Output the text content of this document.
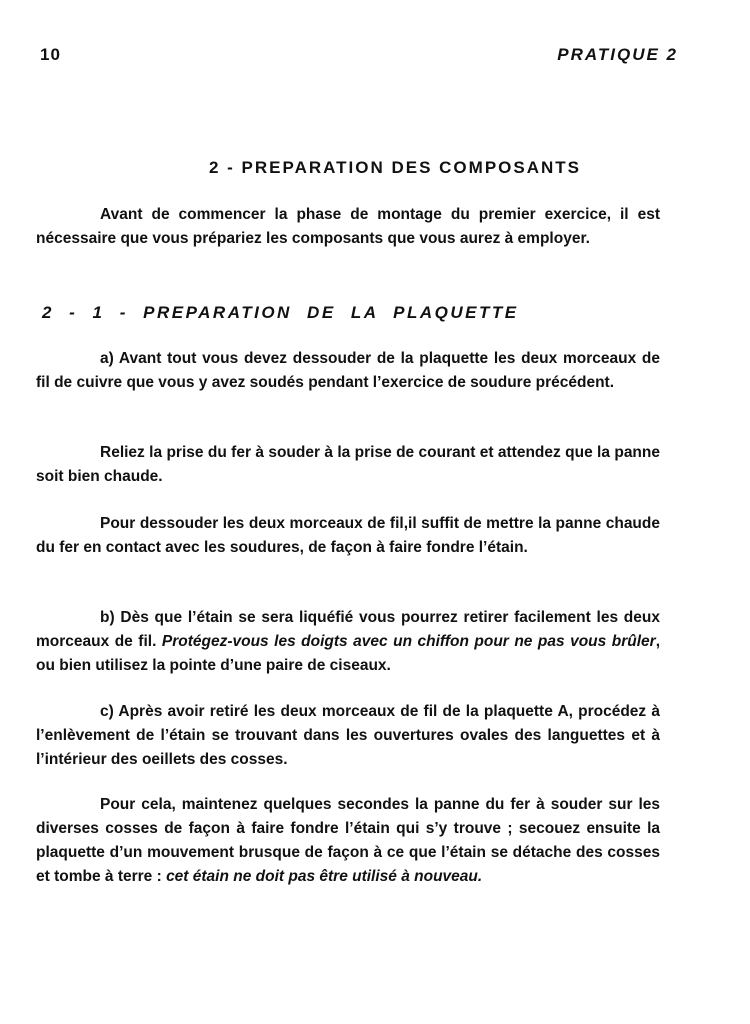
10	PRATIQUE 2
2 - PREPARATION DES COMPOSANTS

Avant de commencer la phase de montage du premier exercice, il est nécessaire que vous prépariez les composants que vous aurez à employer.

2 - 1 - PREPARATION DE LA PLAQUETTE

a) Avant tout vous devez dessouder de la plaquette les deux morceaux de fil de cuivre que vous y avez soudés pendant l’exercice de soudure précédent.

Reliez la prise du fer à souder à la prise de courant et attendez que la panne soit bien chaude.

Pour dessouder les deux morceaux de fil,il suffit de mettre la panne chaude du fer en contact avec les soudures, de façon à faire fondre l’étain.

b) Dès que l’étain se sera liquéfié vous pourrez retirer facilement les deux morceaux de fil. Protégez-vous les doigts avec un chiffon pour ne pas vous brûler, ou bien utilisez la pointe d’une paire de ciseaux.

c) Après avoir retiré les deux morceaux de fil de la plaquette A, procédez à l’enlèvement de l’étain se trouvant dans les ouvertures ovales des languettes et à l’intérieur des oeillets des cosses.

Pour cela, maintenez quelques secondes la panne du fer à souder sur les diverses cosses de façon à faire fondre l’étain qui s’y trouve ; secouez ensuite la plaquette d’un mouvement brusque de façon à ce que l’étain se détache des cosses et tombe à terre : cet étain ne doit pas être utilisé à nouveau.
